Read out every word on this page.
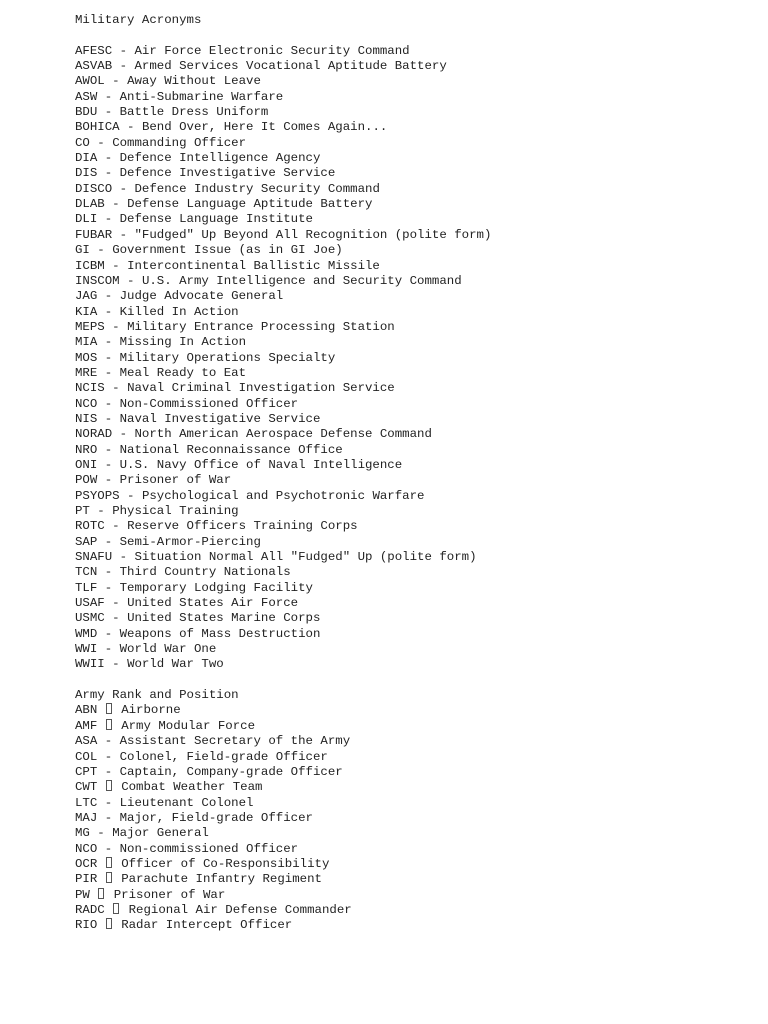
Military Acronyms
AFESC - Air Force Electronic Security Command
ASVAB - Armed Services Vocational Aptitude Battery
AWOL - Away Without Leave
ASW - Anti-Submarine Warfare
BDU - Battle Dress Uniform
BOHICA - Bend Over, Here It Comes Again...
CO - Commanding Officer
DIA - Defence Intelligence Agency
DIS - Defence Investigative Service
DISCO - Defence Industry Security Command
DLAB - Defense Language Aptitude Battery
DLI - Defense Language Institute
FUBAR - "Fudged" Up Beyond All Recognition (polite form)
GI - Government Issue (as in GI Joe)
ICBM - Intercontinental Ballistic Missile
INSCOM - U.S. Army Intelligence and Security Command
JAG - Judge Advocate General
KIA - Killed In Action
MEPS - Military Entrance Processing Station
MIA - Missing In Action
MOS - Military Operations Specialty
MRE - Meal Ready to Eat
NCIS - Naval Criminal Investigation Service
NCO - Non-Commissioned Officer
NIS - Naval Investigative Service
NORAD - North American Aerospace Defense Command
NRO - National Reconnaissance Office
ONI - U.S. Navy Office of Naval Intelligence
POW - Prisoner of War
PSYOPS - Psychological and Psychotronic Warfare
PT - Physical Training
ROTC - Reserve Officers Training Corps
SAP - Semi-Armor-Piercing
SNAFU - Situation Normal All "Fudged" Up (polite form)
TCN - Third Country Nationals
TLF - Temporary Lodging Facility
USAF - United States Air Force
USMC - United States Marine Corps
WMD - Weapons of Mass Destruction
WWI - World War One
WWII - World War Two
Army Rank and Position
ABN Airborne
AMF Army Modular Force
ASA - Assistant Secretary of the Army
COL - Colonel, Field-grade Officer
CPT - Captain, Company-grade Officer
CWT Combat Weather Team
LTC - Lieutenant Colonel
MAJ - Major, Field-grade Officer
MG - Major General
NCO - Non-commissioned Officer
OCR Officer of Co-Responsibility
PIR Parachute Infantry Regiment
PW Prisoner of War
RADC Regional Air Defense Commander
RIO Radar Intercept Officer
